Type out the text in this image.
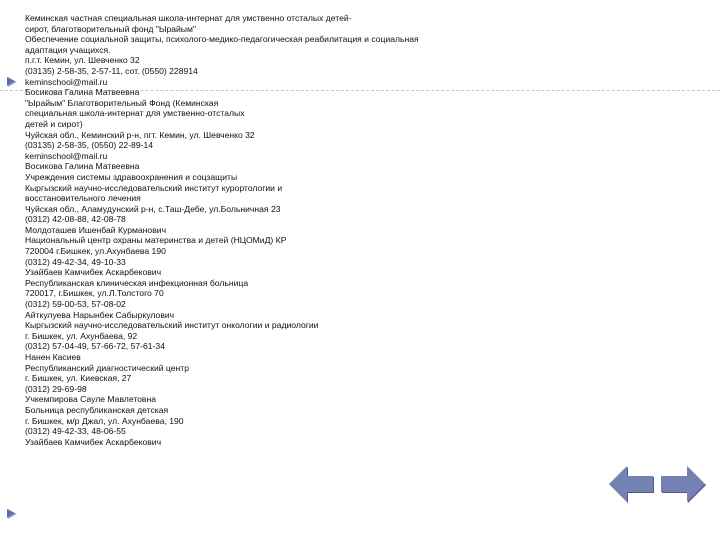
Кеминская частная специальная школа-интернат для умственно отсталых детей-
сирот, благотворительный фонд "Ырайым"
Обеспечение социальной защиты, психолого-медико-педагогическая реабилитация и социальная
адаптация учащихся.
п.г.т. Кемин, ул. Шевченко 32
(03135) 2-58-35, 2-57-11, сот. (0550) 228914
keminschool@mail.ru
Босикова Галина Матвеевна
"Ырайым" Благотворительный Фонд (Кеминская
специальная школа-интернат для умственно-отсталых
детей и сирот)
Чуйская обл., Кеминский р-н, пгт. Кемин, ул. Шевченко 32
(03135) 2-58-35, (0550) 22-89-14
keminschool@mail.ru
Восикова Галина Матвеевна
Учреждения системы здравоохранения и соцзащиты
Кыргызский научно-исследовательский институт курортологии и
восстановительного лечения
Чуйская обл., Аламудунский р-н, с.Таш-Дебе, ул.Больничная 23
(0312) 42-08-88, 42-08-78
Молдоташев Ишенбай Курманович
Национальный центр охраны материнства и детей (НЦОМиД) КР
720004 г.Бишкек, ул.Ахунбаева 190
(0312) 49-42-34, 49-10-33
Узайбаев Камчибек Аскарбекович
Республиканская клиническая инфекционная больница
720017, г.Бишкек, ул.Л.Толстого 70
(0312) 59-00-53, 57-08-02
Айткулуева Нарынбек Сабыркулович
Кыргызский научно-исследовательский институт онкологии и радиологии
г. Бишкек, ул. Ахунбаева, 92
(0312) 57-04-49, 57-66-72, 57-61-34
Нанен Касиев
Республиканский диагностический центр
г. Бишкек, ул. Киевская, 27
(0312) 29-69-98
Учкемпирова Сауле Мавлетовна
Больница республиканская детская
г. Бишкек, м/р Джал, ул. Ахунбаева, 190
(0312) 49-42-33, 48-06-55
Узайбаев Камчибек Аскарбекович
